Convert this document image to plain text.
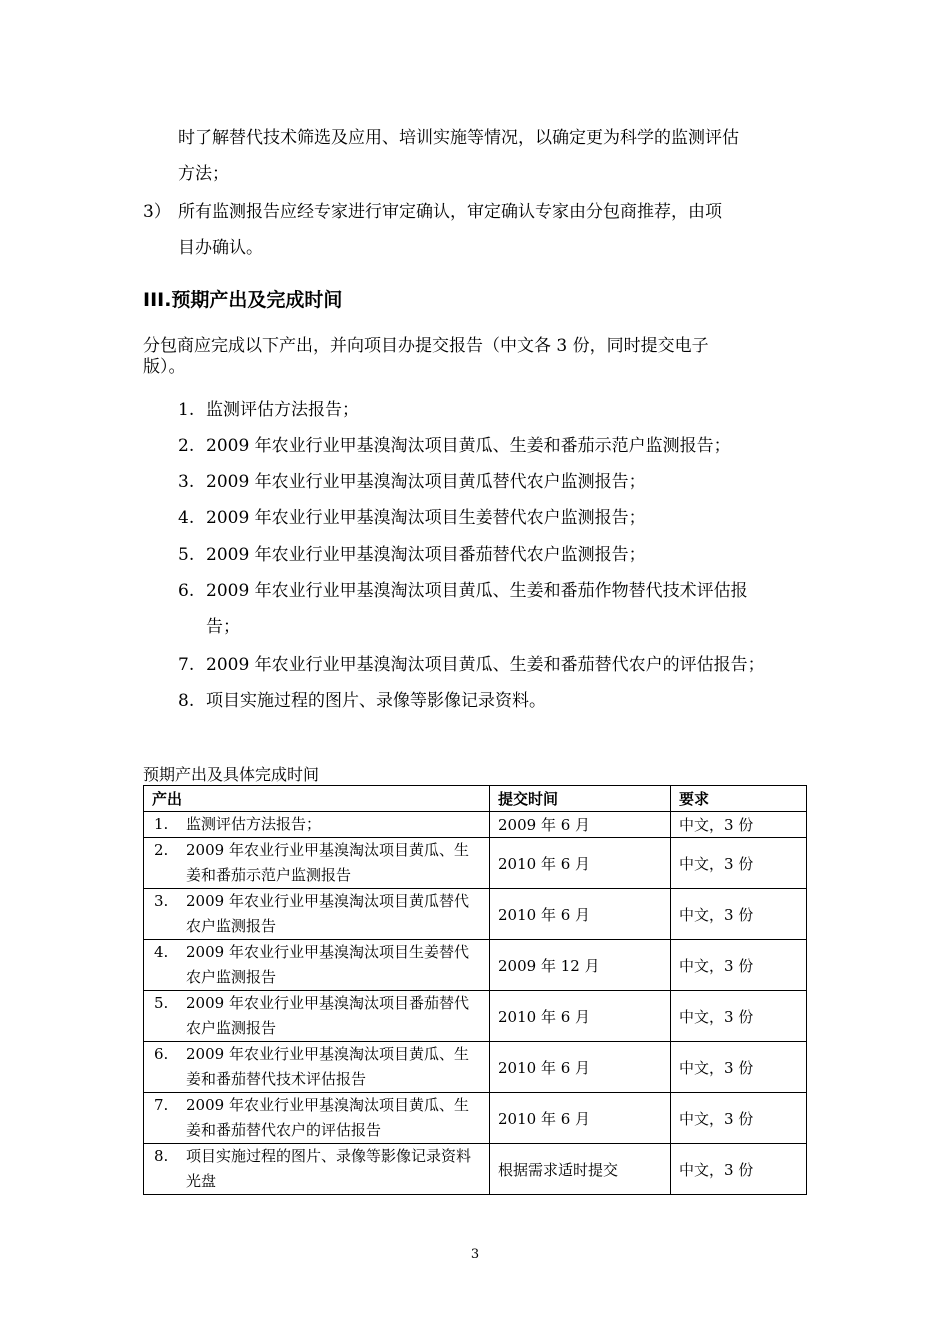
时了解替代技术筛选及应用、培训实施等情况，以确定更为科学的监测评估
方法；
3） 所有监测报告应经专家进行审定确认，审定确认专家由分包商推荐，由项
目办确认。
III.预期产出及完成时间
分包商应完成以下产出，并向项目办提交报告（中文各 3 份，同时提交电子
版）。
1. 监测评估方法报告；
2. 2009 年农业行业甲基溴淘汰项目黄瓜、生姜和番茄示范户监测报告；
3. 2009 年农业行业甲基溴淘汰项目黄瓜替代农户监测报告；
4. 2009 年农业行业甲基溴淘汰项目生姜替代农户监测报告；
5. 2009 年农业行业甲基溴淘汰项目番茄替代农户监测报告；
6. 2009 年农业行业甲基溴淘汰项目黄瓜、生姜和番茄作物替代技术评估报
告；
7. 2009 年农业行业甲基溴淘汰项目黄瓜、生姜和番茄替代农户的评估报告；
8. 项目实施过程的图片、录像等影像记录资料。
预期产出及具体完成时间
产出	提交时间	要求

1. 监测评估方法报告；	2009 年 6 月	中文，3 份

2. 2009 年农业行业甲基溴淘汰项目黄瓜、生姜和番茄示范户监测报告	2010 年 6 月	中文，3 份

3. 2009 年农业行业甲基溴淘汰项目黄瓜替代农户监测报告	2010 年 6 月	中文，3 份

4. 2009 年农业行业甲基溴淘汰项目生姜替代农户监测报告	2009 年 12 月	中文，3 份

5. 2009 年农业行业甲基溴淘汰项目番茄替代农户监测报告	2010 年 6 月	中文，3 份

6. 2009 年农业行业甲基溴淘汰项目黄瓜、生姜和番茄替代技术评估报告	2010 年 6 月	中文，3 份

7. 2009 年农业行业甲基溴淘汰项目黄瓜、生姜和番茄替代农户的评估报告	2010 年 6 月	中文，3 份

8. 项目实施过程的图片、录像等影像记录资料光盘	根据需求适时提交	中文，3 份
3
